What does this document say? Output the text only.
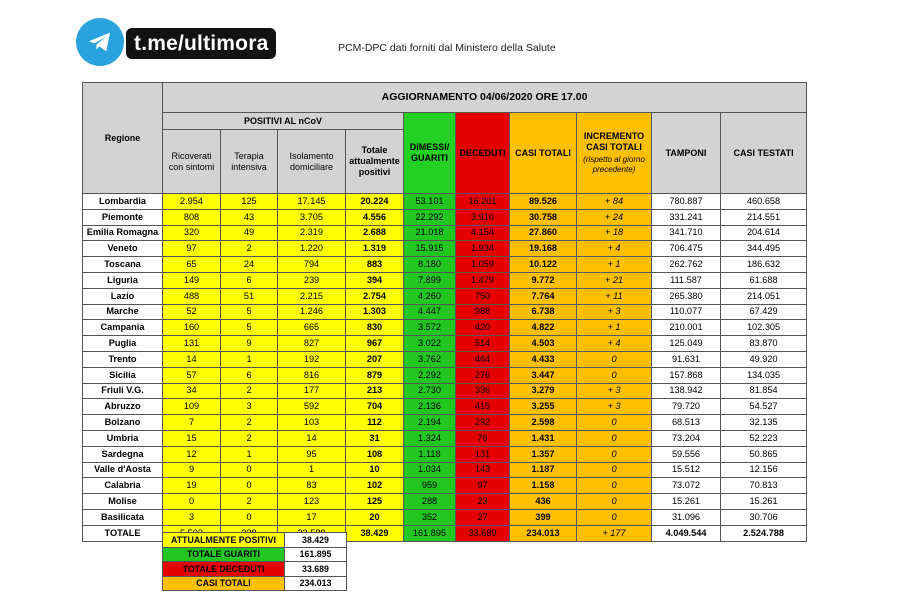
t.me/ultimora	PCM-DPC dati forniti dal Ministero della Salute
Regione	AGGIORNAMENTO 04/06/2020 ORE 17.00									
	POSITIVI AL nCoV				DIMESSI/ GUARITI	DECEDUTI	CASI TOTALI	INCREMENTO CASI TOTALI
(rispetto al giorno precedente)	TAMPONI	CASI TESTATI
	Ricoverati con sintomi	Terapia intensiva	Isolamento domiciliare	Totale attualmente positivi						
Lombardia	2.954	125	17.145	20.224	53.101	16.201	89.526	+ 84	780.887	460.658
Piemonte	808	43	3.705	4.556	22.292	3.910	30.758	+ 24	331.241	214.551
Emilia Romagna	320	49	2.319	2.688	21.018	4.154	27.860	+ 18	341.710	204.614
Veneto	97	2	1.220	1.319	15.915	1.934	19.168	+ 4	706.475	344.495
Toscana	65	24	794	883	8.180	1.059	10.122	+ 1	262.762	186.632
Liguria	149	6	239	394	7.899	1.479	9.772	+ 21	111.587	61.688
Lazio	488	51	2.215	2.754	4.260	750	7.764	+ 11	265.380	214.051
Marche	52	5	1.246	1.303	4.447	988	6.738	+ 3	110.077	67.429
Campania	160	5	665	830	3.572	420	4.822	+ 1	210.001	102.305
Puglia	131	9	827	967	3.022	514	4.503	+ 4	125.049	83.870
Trento	14	1	192	207	3.762	464	4.433	0	91.631	49.920
Sicilia	57	6	816	879	2.292	276	3.447	0	157.868	134.035
Friuli V.G.	34	2	177	213	2.730	336	3.279	+ 3	138.942	81.854
Abruzzo	109	3	592	704	2.136	415	3.255	+ 3	79.720	54.527
Bolzano	7	2	103	112	2.194	292	2.598	0	68.513	32.135
Umbria	15	2	14	31	1.324	76	1.431	0	73.204	52.223
Sardegna	12	1	95	108	1.118	131	1.357	0	59.556	50.865
Valle d'Aosta	9	0	1	10	1.034	143	1.187	0	15.512	12.156
Calabria	19	0	83	102	959	97	1.158	0	73.072	70.813
Molise	0	2	123	125	288	23	436	0	15.261	15.261
Basilicata	3	0	17	20	352	27	399	0	31.096	30.706
TOTALE				38.429	161.895	33.689	234.013	+ 177	4.049.544	2.524.788
ATTUALMENTE POSITIVI	38.429
TOTALE GUARITI	161.895
TOTALE DECEDUTI	33.689
CASI TOTALI	234.013
